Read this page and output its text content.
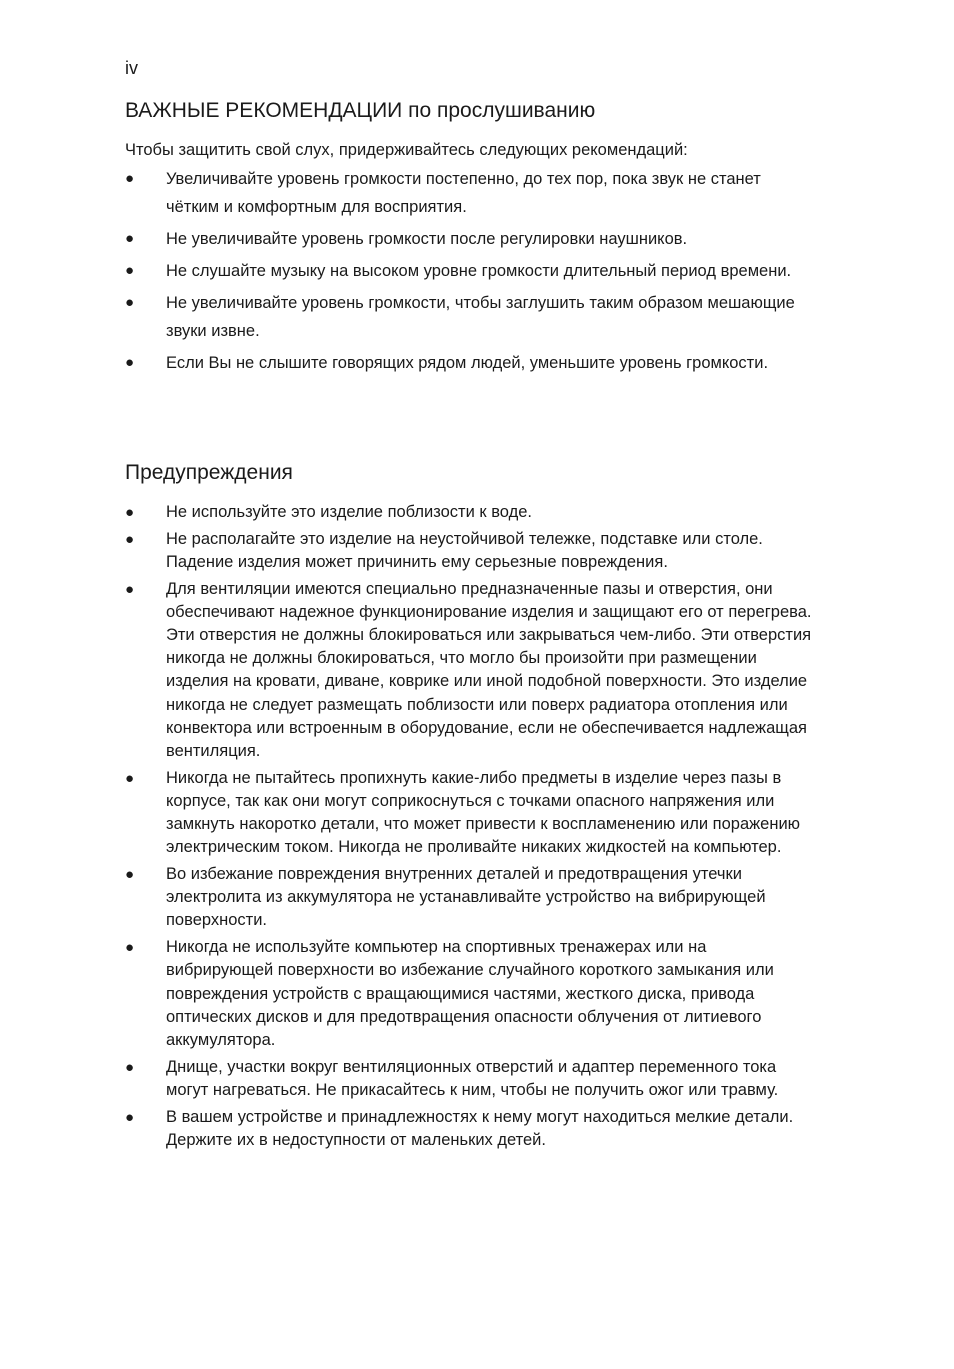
iv
ВАЖНЫЕ РЕКОМЕНДАЦИИ по прослушиванию

Чтобы защитить свой слух, придерживайтесь следующих рекомендаций:

● Увеличивайте уровень громкости постепенно, до тех пор, пока звук не станет чётким и комфортным для восприятия.
● Не увеличивайте уровень громкости после регулировки наушников.
● Не слушайте музыку на высоком уровне громкости длительный период времени.
● Не увеличивайте уровень громкости, чтобы заглушить таким образом мешающие звуки извне.
● Если Вы не слышите говорящих рядом людей, уменьшите уровень громкости.
Предупреждения
● Не используйте это изделие поблизости к воде.
● Не располагайте это изделие на неустойчивой тележке, подставке или столе. Падение изделия может причинить ему серьезные повреждения.
● Для вентиляции имеются специально предназначенные пазы и отверстия, они обеспечивают надежное функционирование изделия и защищают его от перегрева. Эти отверстия не должны блокироваться или закрываться чем-либо. Эти отверстия никогда не должны блокироваться, что могло бы произойти при размещении изделия на кровати, диване, коврике или иной подобной поверхности. Это изделие никогда не следует размещать поблизости или поверх радиатора отопления или конвектора или встроенным в оборудование, если не обеспечивается надлежащая вентиляция.
● Никогда не пытайтесь пропихнуть какие-либо предметы в изделие через пазы в корпусе, так как они могут соприкоснуться с точками опасного напряжения или замкнуть накоротко детали, что может привести к воспламенению или поражению электрическим током. Никогда не проливайте никаких жидкостей на компьютер.
● Во избежание повреждения внутренних деталей и предотвращения утечки электролита из аккумулятора не устанавливайте устройство на вибрирующей поверхности.
● Никогда не используйте компьютер на спортивных тренажерах или на вибрирующей поверхности во избежание случайного короткого замыкания или повреждения устройств с вращающимися частями, жесткого диска, привода оптических дисков и для предотвращения опасности облучения от литиевого аккумулятора.
● Днище, участки вокруг вентиляционных отверстий и адаптер переменного тока могут нагреваться. Не прикасайтесь к ним, чтобы не получить ожог или травму.
● В вашем устройстве и принадлежностях к нему могут находиться мелкие детали. Держите их в недоступности от маленьких детей.
